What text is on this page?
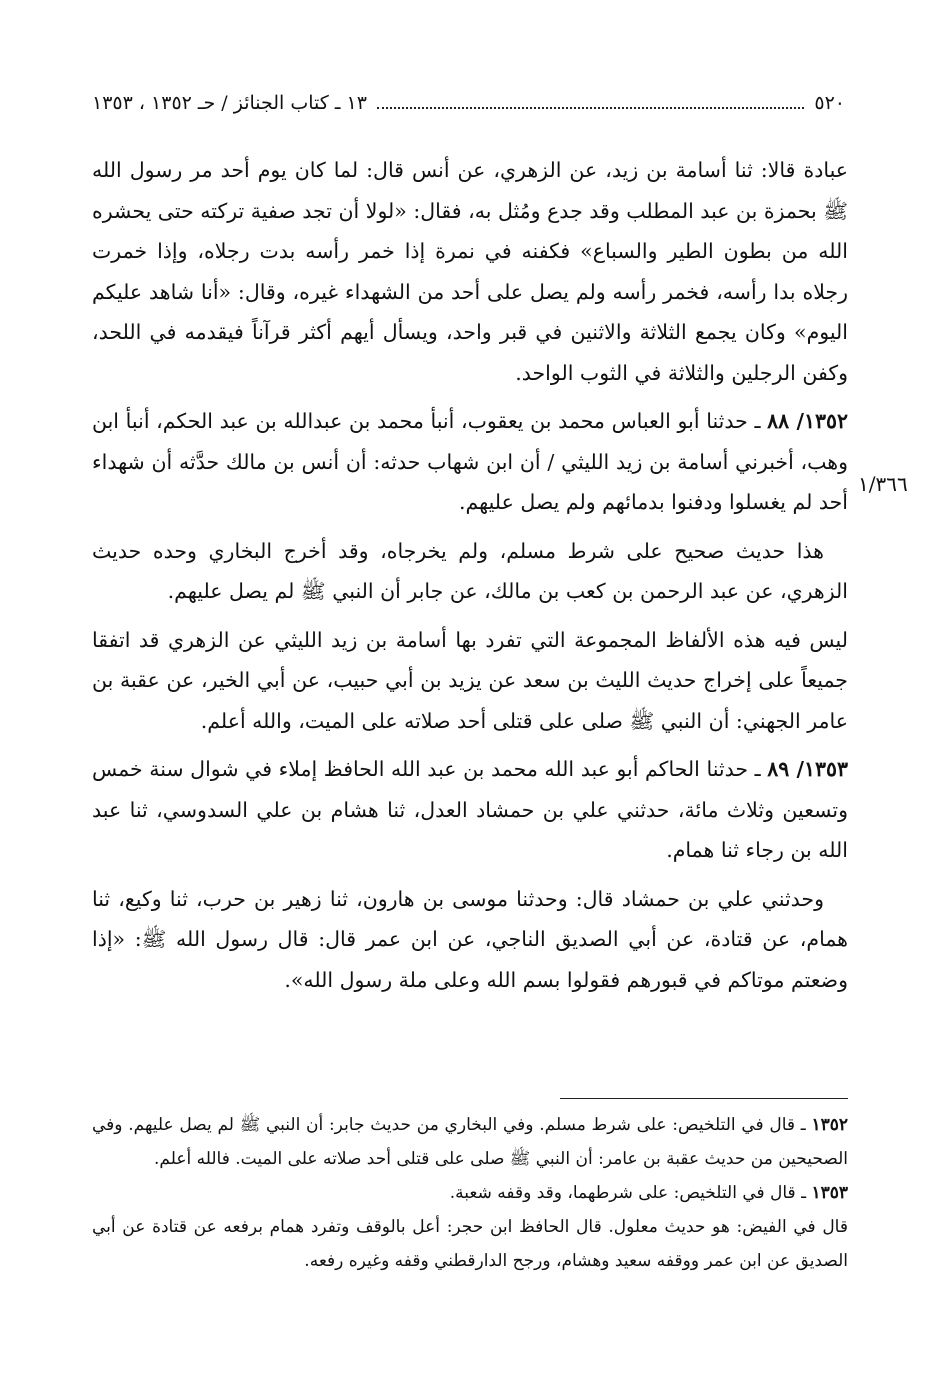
١٣ ـ كتاب الجنائز / حـ ١٣٥٢ ، ١٣٥٣	٥٢٠
١/٣٦٦

عبادة قالا: ثنا أسامة بن زيد، عن الزهري، عن أنس قال: لما كان يوم أحد مر رسول الله ﷺ بحمزة بن عبد المطلب وقد جدع ومُثل به، فقال: «لولا أن تجد صفية تركته حتى يحشره الله من بطون الطير والسباع» فكفنه في نمرة إذا خمر رأسه بدت رجلاه، وإذا خمرت رجلاه بدا رأسه، فخمر رأسه ولم يصل على أحد من الشهداء غيره، وقال: «أنا شاهد عليكم اليوم» وكان يجمع الثلاثة والاثنين في قبر واحد، ويسأل أيهم أكثر قرآناً فيقدمه في اللحد، وكفن الرجلين والثلاثة في الثوب الواحد.

١٣٥٢/ ٨٨ ـ حدثنا أبو العباس محمد بن يعقوب، أنبأ محمد بن عبدالله بن عبد الحكم، أنبأ ابن وهب، أخبرني أسامة بن زيد الليثي / أن ابن شهاب حدثه: أن أنس بن مالك حدَّثه أن شهداء أحد لم يغسلوا ودفنوا بدمائهم ولم يصل عليهم.

هذا حديث صحيح على شرط مسلم، ولم يخرجاه، وقد أخرج البخاري وحده حديث الزهري، عن عبد الرحمن بن كعب بن مالك، عن جابر أن النبي ﷺ لم يصل عليهم.

ليس فيه هذه الألفاظ المجموعة التي تفرد بها أسامة بن زيد الليثي عن الزهري قد اتفقا جميعاً على إخراج حديث الليث بن سعد عن يزيد بن أبي حبيب، عن أبي الخير، عن عقبة بن عامر الجهني: أن النبي ﷺ صلى على قتلى أحد صلاته على الميت، والله أعلم.

١٣٥٣/ ٨٩ ـ حدثنا الحاكم أبو عبد الله محمد بن عبد الله الحافظ إملاء في شوال سنة خمس وتسعين وثلاث مائة، حدثني علي بن حمشاد العدل، ثنا هشام بن علي السدوسي، ثنا عبد الله بن رجاء ثنا همام.

وحدثني علي بن حمشاد قال: وحدثنا موسى بن هارون، ثنا زهير بن حرب، ثنا وكيع، ثنا همام، عن قتادة، عن أبي الصديق الناجي، عن ابن عمر قال: قال رسول الله ﷺ: «إذا وضعتم موتاكم في قبورهم فقولوا بسم الله وعلى ملة رسول الله».

١٣٥٢ ـ قال في التلخيص: على شرط مسلم. وفي البخاري من حديث جابر: أن النبي ﷺ لم يصل عليهم. وفي الصحيحين من حديث عقبة بن عامر: أن النبي ﷺ صلى على قتلى أحد صلاته على الميت. فالله أعلم.

١٣٥٣ ـ قال في التلخيص: على شرطهما، وقد وقفه شعبة.

قال في الفيض: هو حديث معلول. قال الحافظ ابن حجر: أعل بالوقف وتفرد همام برفعه عن قتادة عن أبي الصديق عن ابن عمر ووقفه سعيد وهشام، ورجح الدارقطني وقفه وغيره رفعه.
